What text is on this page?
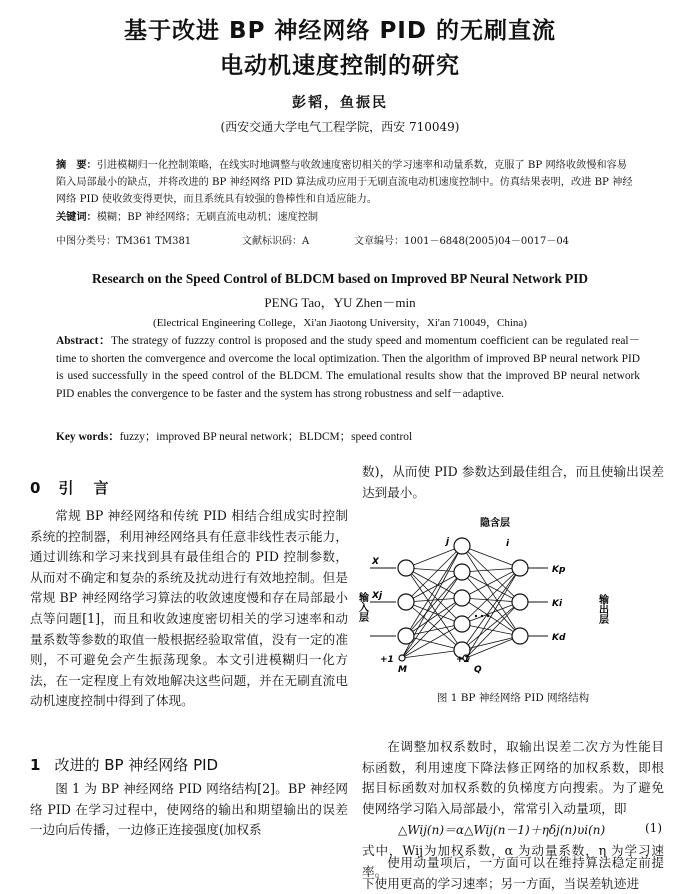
基于改进 BP 神经网络 PID 的无刷直流
电动机速度控制的研究
彭韬，鱼振民
(西安交通大学电气工程学院，西安 710049)
摘　要：引进模糊归一化控制策略，在线实时地调整与收敛速度密切相关的学习速率和动量系数，克服了 BP 网络收敛慢和容易陷入局部最小的缺点，并将改进的 BP 神经网络 PID 算法成功应用于无刷直流电动机速度控制中。仿真结果表明，改进 BP 神经网络 PID 使收敛变得更快，而且系统具有较强的鲁棒性和自适应能力。
关键词：模糊；BP 神经网络；无刷直流电动机；速度控制
中图分类号：TM361 TM381	文献标识码：A	文章编号：1001－6848(2005)04－0017－04
Research on the Speed Control of BLDCM based on Improved BP Neural Network PID
PENG Tao，YU Zhen－min
(Electrical Engineering College，Xi'an Jiaotong University，Xi'an 710049，China)
Abstract：The strategy of fuzzzy control is proposed and the study speed and momentum coefficient can be regulated real－time to shorten the comvergence and overcome the local optimization. Then the algorithm of improved BP neural network PID is used successfully in the speed control of the BLDCM. The emulational results show that the improved BP neural network PID enables the convergence to be faster and the system has strong robustness and self－adaptive.
Key words：fuzzy；improved BP neural network；BLDCM；speed control
0 引言
常规 BP 神经网络和传统 PID 相结合组成实时控制系统的控制器，利用神经网络具有任意非线性表示能力，通过训练和学习来找到具有最佳组合的 PID 控制参数，从而对不确定和复杂的系统及扰动进行有效地控制。但是常规 BP 神经网络学习算法的收敛速度慢和存在局部最小点等问题[1]，而且和收敛速度密切相关的学习速率和动量系数等参数的取值一般根据经验取常值，没有一定的准则，不可避免会产生振荡现象。本文引进模糊归一化方法，在一定程度上有效地解决这些问题，并在无刷直流电动机速度控制中得到了体现。
1 改进的 BP 神经网络 PID
图 1 为 BP 神经网络 PID 网络结构[2]。BP 神经网络 PID 在学习过程中，使网络的输出和期望输出的误差一边向后传播，一边修正连接强度(加权系
数)，从而使 PID 参数达到最佳组合，而且使输出误差达到最小。
隐含层
j	i
X
Xj
+1
M
+1
Q
Kp
Ki
Kd
输入层	输出层
图 1 BP 神经网络 PID 网络结构
在调整加权系数时，取输出误差二次方为性能目标函数，利用速度下降法修正网络的加权系数，即根据目标函数对加权系数的负梯度方向搜索。为了避免使网络学习陷入局部最小，常常引入动量项，即
△Wij(n)＝α△Wij(n－1)＋ηδj(n)υi(n)	(1)
式中，Wij为加权系数，α 为动量系数，η 为学习速率。
使用动量项后，一方面可以在维持算法稳定前提下使用更高的学习速率；另一方面，当误差轨迹进
